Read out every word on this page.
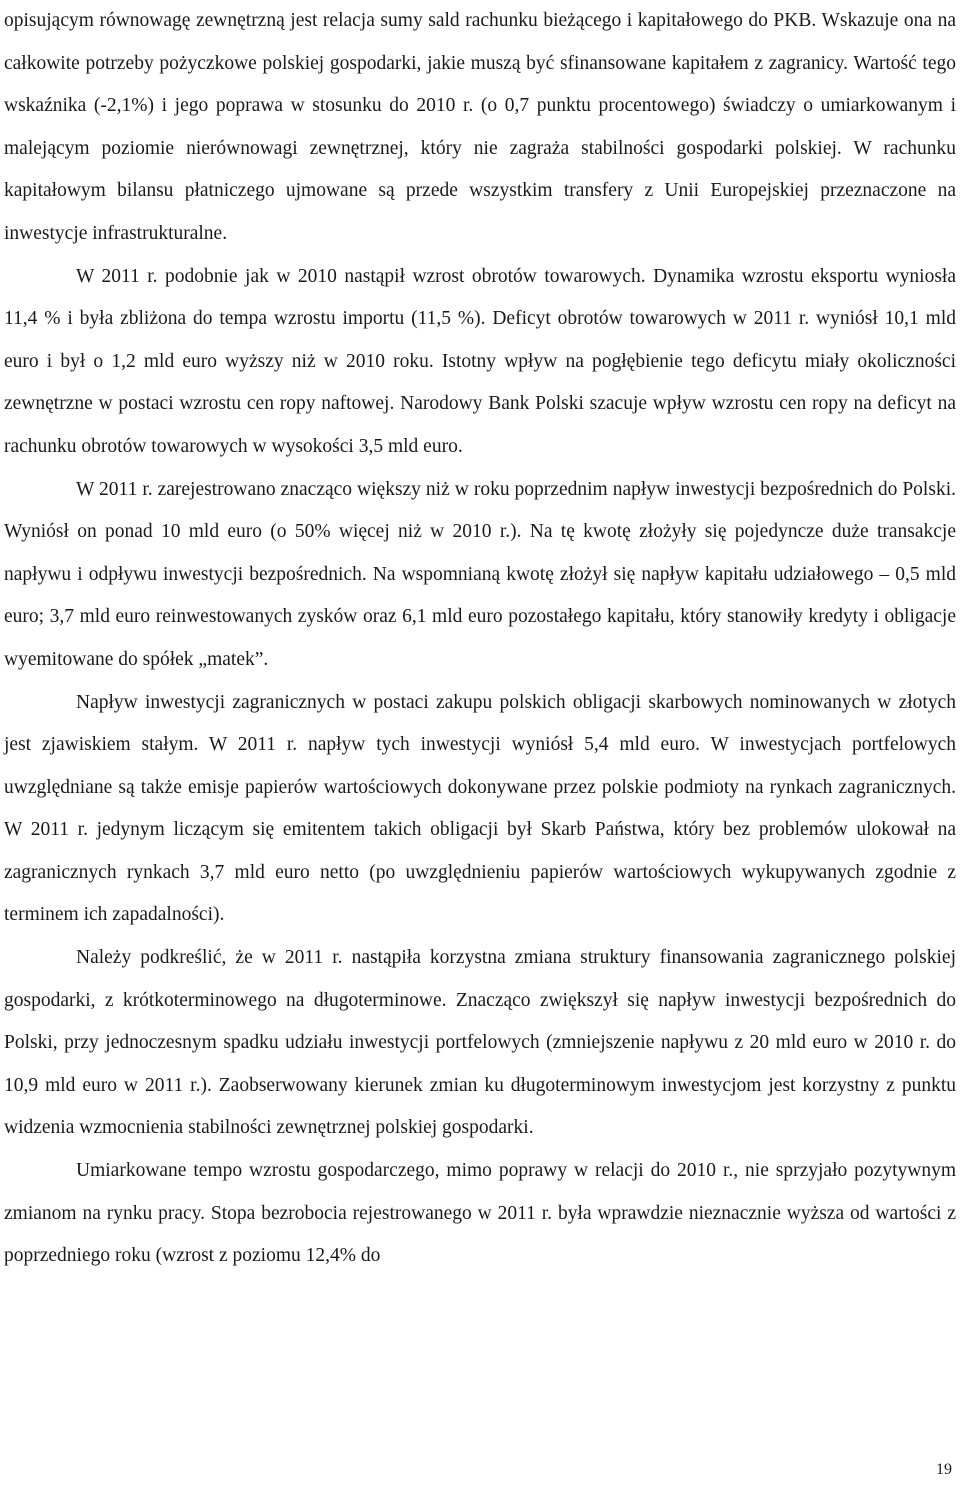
opisującym równowagę zewnętrzną jest relacja sumy sald rachunku bieżącego i kapitałowego do PKB. Wskazuje ona na całkowite potrzeby pożyczkowe polskiej gospodarki, jakie muszą być sfinansowane kapitałem z zagranicy. Wartość tego wskaźnika (-2,1%) i jego poprawa w stosunku do 2010 r. (o 0,7 punktu procentowego) świadczy o umiarkowanym i malejącym poziomie nierównowagi zewnętrznej, który nie zagraża stabilności gospodarki polskiej. W rachunku kapitałowym bilansu płatniczego ujmowane są przede wszystkim transfery z Unii Europejskiej przeznaczone na inwestycje infrastrukturalne.

W 2011 r. podobnie jak w 2010 nastąpił wzrost obrotów towarowych. Dynamika wzrostu eksportu wyniosła 11,4 % i była zbliżona do tempa wzrostu importu (11,5 %). Deficyt obrotów towarowych w 2011 r. wyniósł 10,1 mld euro i był o 1,2 mld euro wyższy niż w 2010 roku. Istotny wpływ na pogłębienie tego deficytu miały okoliczności zewnętrzne w postaci wzrostu cen ropy naftowej. Narodowy Bank Polski szacuje wpływ wzrostu cen ropy na deficyt na rachunku obrotów towarowych w wysokości 3,5 mld euro.

W 2011 r. zarejestrowano znacząco większy niż w roku poprzednim napływ inwestycji bezpośrednich do Polski. Wyniósł on ponad 10 mld euro (o 50% więcej niż w 2010 r.). Na tę kwotę złożyły się pojedyncze duże transakcje napływu i odpływu inwestycji bezpośrednich. Na wspomnianą kwotę złożył się napływ kapitału udziałowego – 0,5 mld euro; 3,7 mld euro reinwestowanych zysków oraz 6,1 mld euro pozostałego kapitału, który stanowiły kredyty i obligacje wyemitowane do spółek „matek”.

Napływ inwestycji zagranicznych w postaci zakupu polskich obligacji skarbowych nominowanych w złotych jest zjawiskiem stałym. W 2011 r. napływ tych inwestycji wyniósł 5,4 mld euro. W inwestycjach portfelowych uwzględniane są także emisje papierów wartościowych dokonywane przez polskie podmioty na rynkach zagranicznych. W 2011 r. jedynym liczącym się emitentem takich obligacji był Skarb Państwa, który bez problemów ulokował na zagranicznych rynkach 3,7 mld euro netto (po uwzględnieniu papierów wartościowych wykupywanych zgodnie z terminem ich zapadalności).

Należy podkreślić, że w 2011 r. nastąpiła korzystna zmiana struktury finansowania zagranicznego polskiej gospodarki, z krótkoterminowego na długoterminowe. Znacząco zwiększył się napływ inwestycji bezpośrednich do Polski, przy jednoczesnym spadku udziału inwestycji portfelowych (zmniejszenie napływu z 20 mld euro w 2010 r. do 10,9 mld euro w 2011 r.). Zaobserwowany kierunek zmian ku długoterminowym inwestycjom jest korzystny z punktu widzenia wzmocnienia stabilności zewnętrznej polskiej gospodarki.

Umiarkowane tempo wzrostu gospodarczego, mimo poprawy w relacji do 2010 r., nie sprzyjało pozytywnym zmianom na rynku pracy. Stopa bezrobocia rejestrowanego w 2011 r. była wprawdzie nieznacznie wyższa od wartości z poprzedniego roku (wzrost z poziomu 12,4% do

19
